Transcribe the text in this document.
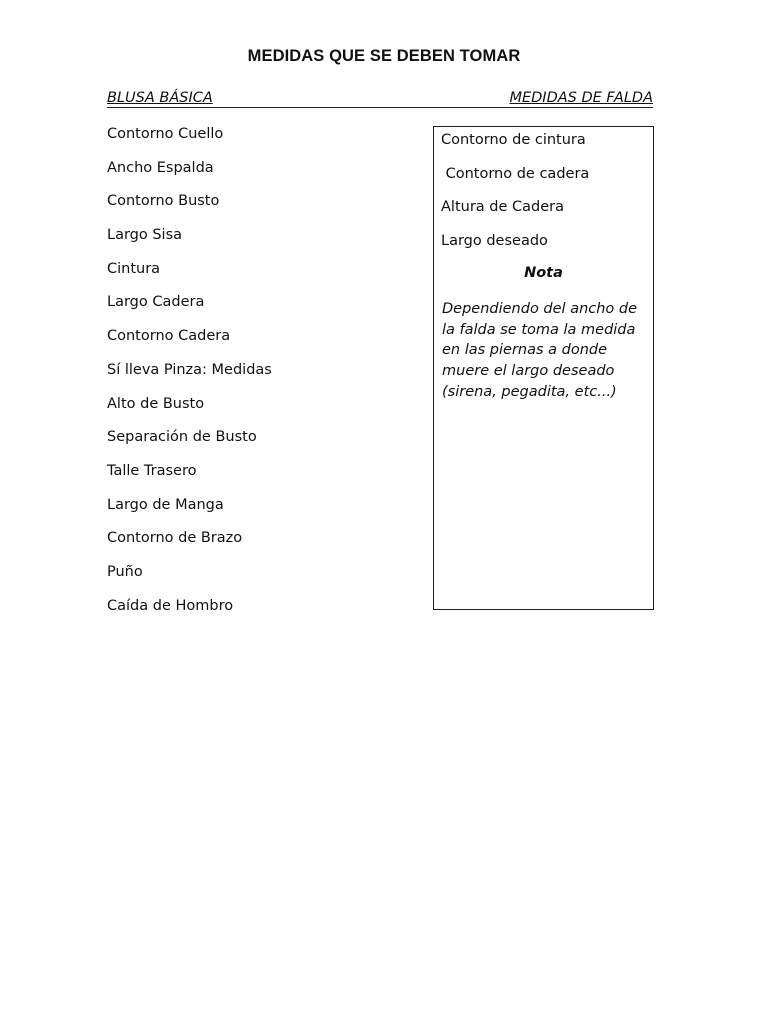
MEDIDAS QUE SE DEBEN TOMAR
BLUSA BÁSICA	MEDIDAS DE FALDA
Contorno Cuello
Ancho Espalda
Contorno Busto
Largo Sisa
Cintura
Largo Cadera
Contorno Cadera
Sí lleva Pinza: Medidas
Alto de Busto
Separación de Busto
Talle Trasero
Largo de Manga
Contorno de Brazo
Puño
Caída de Hombro
Contorno de cintura
Contorno de cadera
Altura de Cadera
Largo deseado
Nota
Dependiendo del ancho de la falda se toma la medida en las piernas a donde muere el largo deseado (sirena, pegadita, etc...)
